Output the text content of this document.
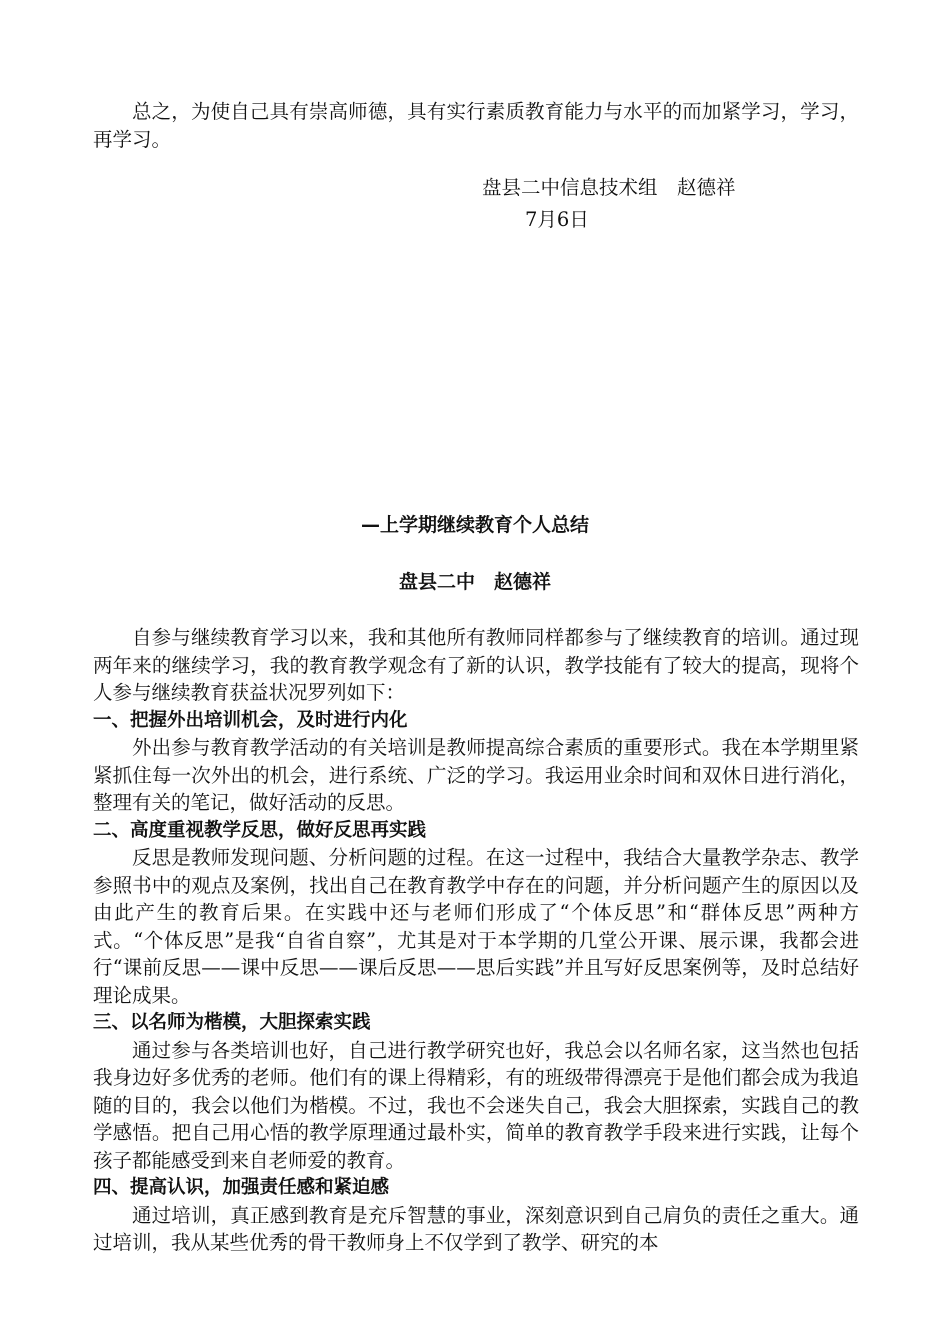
总之，为使自己具有崇高师德，具有实行素质教育能力与水平的而加紧学习，学习，再学习。

盘县二中信息技术组　赵德祥

7月6日

—上学期继续教育个人总结

盘县二中　赵德祥

自参与继续教育学习以来，我和其他所有教师同样都参与了继续教育的培训。通过现两年来的继续学习，我的教育教学观念有了新的认识，教学技能有了较大的提高，现将个人参与继续教育获益状况罗列如下：

一、把握外出培训机会，及时进行内化

外出参与教育教学活动的有关培训是教师提高综合素质的重要形式。我在本学期里紧紧抓住每一次外出的机会，进行系统、广泛的学习。我运用业余时间和双休日进行消化，整理有关的笔记，做好活动的反思。

二、高度重视教学反思，做好反思再实践

反思是教师发现问题、分析问题的过程。在这一过程中，我结合大量教学杂志、教学参照书中的观点及案例，找出自己在教育教学中存在的问题，并分析问题产生的原因以及由此产生的教育后果。在实践中还与老师们形成了“个体反思”和“群体反思”两种方式。“个体反思”是我“自省自察”，尤其是对于本学期的几堂公开课、展示课，我都会进行“课前反思——课中反思——课后反思——思后实践”并且写好反思案例等，及时总结好理论成果。

三、以名师为楷模，大胆探索实践

通过参与各类培训也好，自己进行教学研究也好，我总会以名师名家，这当然也包括我身边好多优秀的老师。他们有的课上得精彩，有的班级带得漂亮于是他们都会成为我追随的目的，我会以他们为楷模。不过，我也不会迷失自己，我会大胆探索，实践自己的教学感悟。把自己用心悟的教学原理通过最朴实，简单的教育教学手段来进行实践，让每个孩子都能感受到来自老师爱的教育。

四、提高认识，加强责任感和紧迫感

通过培训，真正感到教育是充斥智慧的事业，深刻意识到自己肩负的责任之重大。通过培训，我从某些优秀的骨干教师身上不仅学到了教学、研究的本
